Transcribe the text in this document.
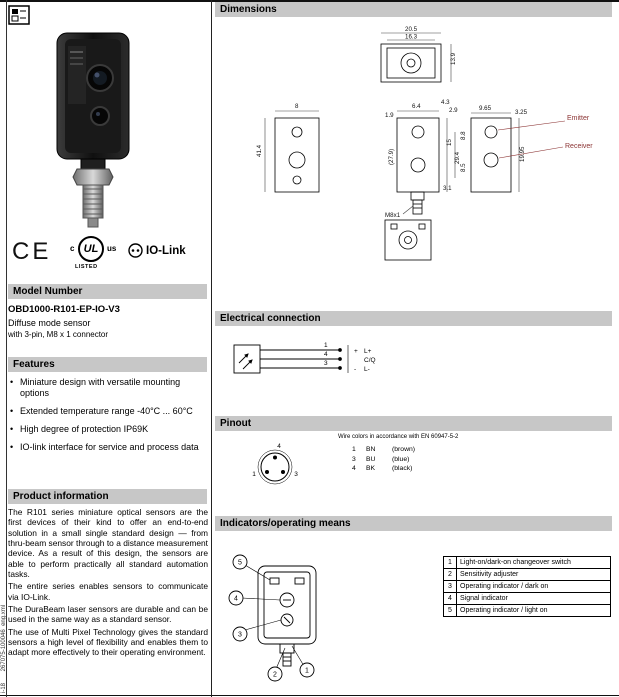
i-18 267075-100046_eng.xml
CE c UL	us
LISTED
IO-Link
Model Number
OBD1000-R101-EP-IO-V3
Diffuse mode sensor
with 3-pin, M8 x 1 connector
Features
• Miniature design with versatile mounting options
• Extended temperature range -40°C ... 60°C
• High degree of protection IP69K
• IO-link interface for service and process data
Product information

The R101 series miniature optical sensors are the first devices of their kind to offer an end-to-end solution in a small single standard design — from thru-beam sensor through to a distance measurement device. As a result of this design, the sensors are able to perform practically all standard automation tasks.

The entire series enables sensors to communicate via IO-Link.

The DuraBeam laser sensors are durable and can be used in the same way as a standard sensor.

The use of Multi Pixel Technology gives the standard sensors a high level of flexibility and enables them to adapt more effectively to their operating environment.

Dimensions
20.5
16.3
13.9
8
41.4
6.4
4.3
2.9
1.9
(27.9)
15
29.4
3.1
M8x1
9.65
3.25
8.8
8.5
19.95
Emitter
Receiver
Electrical connection
1
4
3
+
-
L+
C/Q
L-
Pinout
4
1	3
Wire colors in accordance with EN 60947-5-2
1	BN	(brown)
3	BU	(blue)
4	BK	(black)
Indicators/operating means
5
4
3
2
1
1	Light-on/dark-on changeover switch
2	Sensitivity adjuster
3	Operating indicator / dark on
4	Signal indicator
5	Operating indicator / light on
